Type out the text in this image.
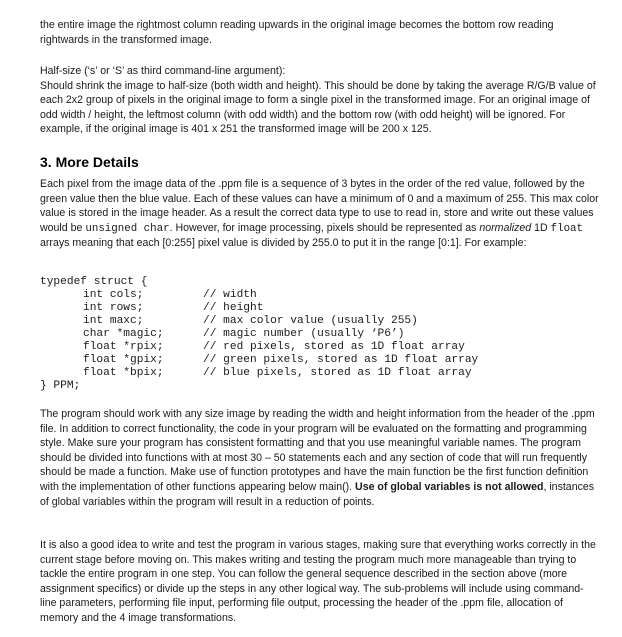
the entire image the rightmost column reading upwards in the original image becomes the bottom row reading rightwards in the transformed image.

Half-size (‘s’ or ‘S’ as third command-line argument):
Should shrink the image to half-size (both width and height). This should be done by taking the average R/G/B value of each 2x2 group of pixels in the original image to form a single pixel in the transformed image. For an original image of odd width / height, the leftmost column (with odd width) and the bottom row (with odd height) will be ignored. For example, if the original image is 401 x 251 the transformed image will be 200 x 125.
3. More Details

Each pixel from the image data of the .ppm file is a sequence of 3 bytes in the order of the red value, followed by the green value then the blue value. Each of these values can have a minimum of 0 and a maximum of 255. This max color value is stored in the image header. As a result the correct data type to use to read in, store and write out these values would be unsigned char. However, for image processing, pixels should be represented as normalized 1D float arrays meaning that each [0:255] pixel value is divided by 255.0 to put it in the range [0:1]. For example:

typedef struct {
int cols;	// width
int rows;	// height
int maxc;	// max color value (usually 255)
char *magic;	// magic number (usually ‘P6’)
float *rpix;	// red pixels, stored as 1D float array
float *gpix;	// green pixels, stored as 1D float array
float *bpix;	// blue pixels, stored as 1D float array
} PPM;

The program should work with any size image by reading the width and height information from the header of the .ppm file. In addition to correct functionality, the code in your program will be evaluated on the formatting and programming style. Make sure your program has consistent formatting and that you use meaningful variable names. The program should be divided into functions with at most 30 – 50 statements each and any section of code that will run frequently should be made a function. Make use of function prototypes and have the main function be the first function definition with the implementation of other functions appearing below main(). Use of global variables is not allowed, instances of global variables within the program will result in a reduction of points.

It is also a good idea to write and test the program in various stages, making sure that everything works correctly in the current stage before moving on. This makes writing and testing the program much more manageable than trying to tackle the entire program in one step. You can follow the general sequence described in the section above (more assignment specifics) or divide up the steps in any other logical way. The sub-problems will include using command-line parameters, performing file input, performing file output, processing the header of the .ppm file, allocation of memory and the 4 image transformations.
